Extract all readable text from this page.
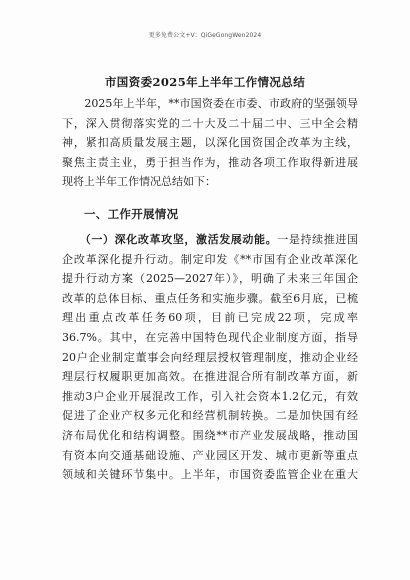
更多免费公文+V：QiGeGongWen2024
市国资委2025年上半年工作情况总结
　　2025年上半年，**市国资委在市委、市政府的坚强领导
下，深入贯彻落实党的二十大及二十届二中、三中全会精
神，紧扣高质量发展主题，以深化国资国企改革为主线，
聚焦主责主业，勇于担当作为，推动各项工作取得新进展
现将上半年工作情况总结如下：
一、工作开展情况
　　（一）深化改革攻坚，激活发展动能。一是持续推进国
企改革深化提升行动。制定印发《**市国有企业改革深化
提升行动方案（2025—2027年）》，明确了未来三年国企
改革的总体目标、重点任务和实施步骤。截至6月底，已梳
理出重点改革任务60项，目前已完成22项，完成率
36.7%。其中，在完善中国特色现代企业制度方面，指导
20户企业制定董事会向经理层授权管理制度，推动企业经
理层行权履职更加高效。在推进混合所有制改革方面，新
推动3户企业开展混改工作，引入社会资本1.2亿元，有效
促进了企业产权多元化和经营机制转换。二是加快国有经
济布局优化和结构调整。围绕**市产业发展战略，推动国
有资本向交通基础设施、产业园区开发、城市更新等重点
领域和关键环节集中。上半年，市国资委监管企业在重大
